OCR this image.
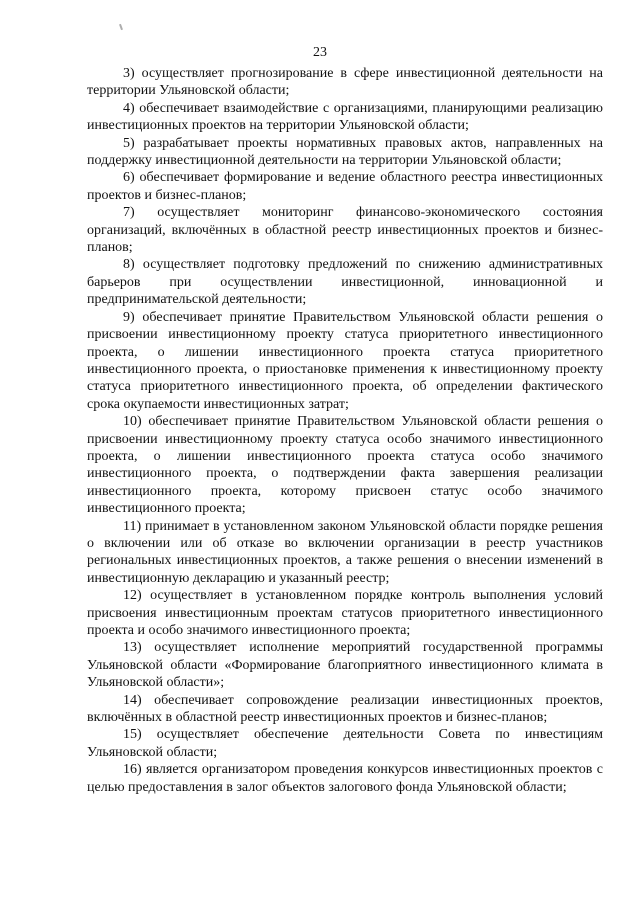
23

3) осуществляет прогнозирование в сфере инвестиционной деятельности на территории Ульяновской области;

4) обеспечивает взаимодействие с организациями, планирующими реализацию инвестиционных проектов на территории Ульяновской области;

5) разрабатывает проекты нормативных правовых актов, направленных на поддержку инвестиционной деятельности на территории Ульяновской области;

6) обеспечивает формирование и ведение областного реестра инвестиционных проектов и бизнес-планов;

7) осуществляет мониторинг финансово-экономического состояния организаций, включённых в областной реестр инвестиционных проектов и бизнес-планов;

8) осуществляет подготовку предложений по снижению административных барьеров при осуществлении инвестиционной, инновационной и предпринимательской деятельности;

9) обеспечивает принятие Правительством Ульяновской области решения о присвоении инвестиционному проекту статуса приоритетного инвестиционного проекта, о лишении инвестиционного проекта статуса приоритетного инвестиционного проекта, о приостановке применения к инвестиционному проекту статуса приоритетного инвестиционного проекта, об определении фактического срока окупаемости инвестиционных затрат;

10) обеспечивает принятие Правительством Ульяновской области решения о присвоении инвестиционному проекту статуса особо значимого инвестиционного проекта, о лишении инвестиционного проекта статуса особо значимого инвестиционного проекта, о подтверждении факта завершения реализации инвестиционного проекта, которому присвоен статус особо значимого инвестиционного проекта;

11) принимает в установленном законом Ульяновской области порядке решения о включении или об отказе во включении организации в реестр участников региональных инвестиционных проектов, а также решения о внесении изменений в инвестиционную декларацию и указанный реестр;

12) осуществляет в установленном порядке контроль выполнения условий присвоения инвестиционным проектам статусов приоритетного инвестиционного проекта и особо значимого инвестиционного проекта;

13) осуществляет исполнение мероприятий государственной программы Ульяновской области «Формирование благоприятного инвестиционного климата в Ульяновской области»;

14) обеспечивает сопровождение реализации инвестиционных проектов, включённых в областной реестр инвестиционных проектов и бизнес-планов;

15) осуществляет обеспечение деятельности Совета по инвестициям Ульяновской области;

16) является организатором проведения конкурсов инвестиционных проектов с целью предоставления в залог объектов залогового фонда Ульяновской области;
